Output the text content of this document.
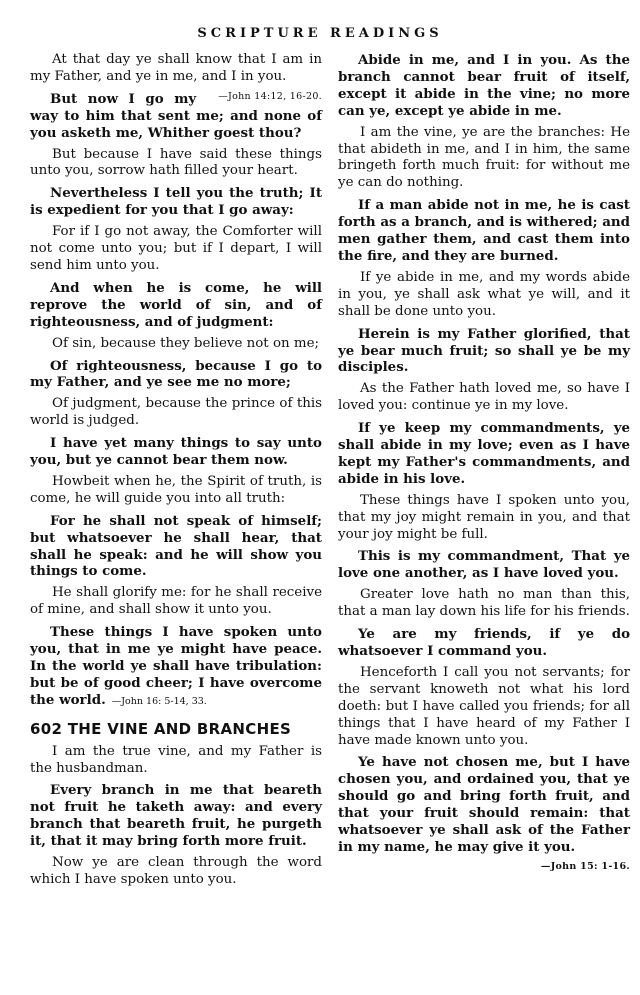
SCRIPTURE READINGS

At that day ye shall know that I am in my Father, and ye in me, and I in you.
—John 14:12, 16-20.

But now I go my way to him that sent me; and none of you asketh me, Whither goest thou?

But because I have said these things unto you, sorrow hath filled your heart.

Nevertheless I tell you the truth; It is expedient for you that I go away:

For if I go not away, the Comforter will not come unto you; but if I depart, I will send him unto you.

And when he is come, he will reprove the world of sin, and of righteousness, and of judgment:

Of sin, because they believe not on me;

Of righteousness, because I go to my Father, and ye see me no more;

Of judgment, because the prince of this world is judged.

I have yet many things to say unto you, but ye cannot bear them now.

Howbeit when he, the Spirit of truth, is come, he will guide you into all truth:

For he shall not speak of himself; but whatsoever he shall hear, that shall he speak: and he will show you things to come.

He shall glorify me: for he shall receive of mine, and shall show it unto you.

These things I have spoken unto you, that in me ye might have peace. In the world ye shall have tribulation: but be of good cheer; I have overcome the world. —John 16: 5-14, 33.

602 THE VINE AND BRANCHES

I am the true vine, and my Father is the husbandman.

Every branch in me that beareth not fruit he taketh away: and every branch that beareth fruit, he purgeth it, that it may bring forth more fruit.

Now ye are clean through the word which I have spoken unto you.

Abide in me, and I in you. As the branch cannot bear fruit of itself, except it abide in the vine; no more can ye, except ye abide in me.

I am the vine, ye are the branches: He that abideth in me, and I in him, the same bringeth forth much fruit: for without me ye can do nothing.

If a man abide not in me, he is cast forth as a branch, and is withered; and men gather them, and cast them into the fire, and they are burned.

If ye abide in me, and my words abide in you, ye shall ask what ye will, and it shall be done unto you.

Herein is my Father glorified, that ye bear much fruit; so shall ye be my disciples.

As the Father hath loved me, so have I loved you: continue ye in my love.

If ye keep my commandments, ye shall abide in my love; even as I have kept my Father's commandments, and abide in his love.

These things have I spoken unto you, that my joy might remain in you, and that your joy might be full.

This is my commandment, That ye love one another, as I have loved you.

Greater love hath no man than this, that a man lay down his life for his friends.

Ye are my friends, if ye do whatsoever I command you.

Henceforth I call you not servants; for the servant knoweth not what his lord doeth: but I have called you friends; for all things that I have heard of my Father I have made known unto you.

Ye have not chosen me, but I have chosen you, and ordained you, that ye should go and bring forth fruit, and that your fruit should remain: that whatsoever ye shall ask of the Father in my name, he may give it you.
—John 15: 1-16.
